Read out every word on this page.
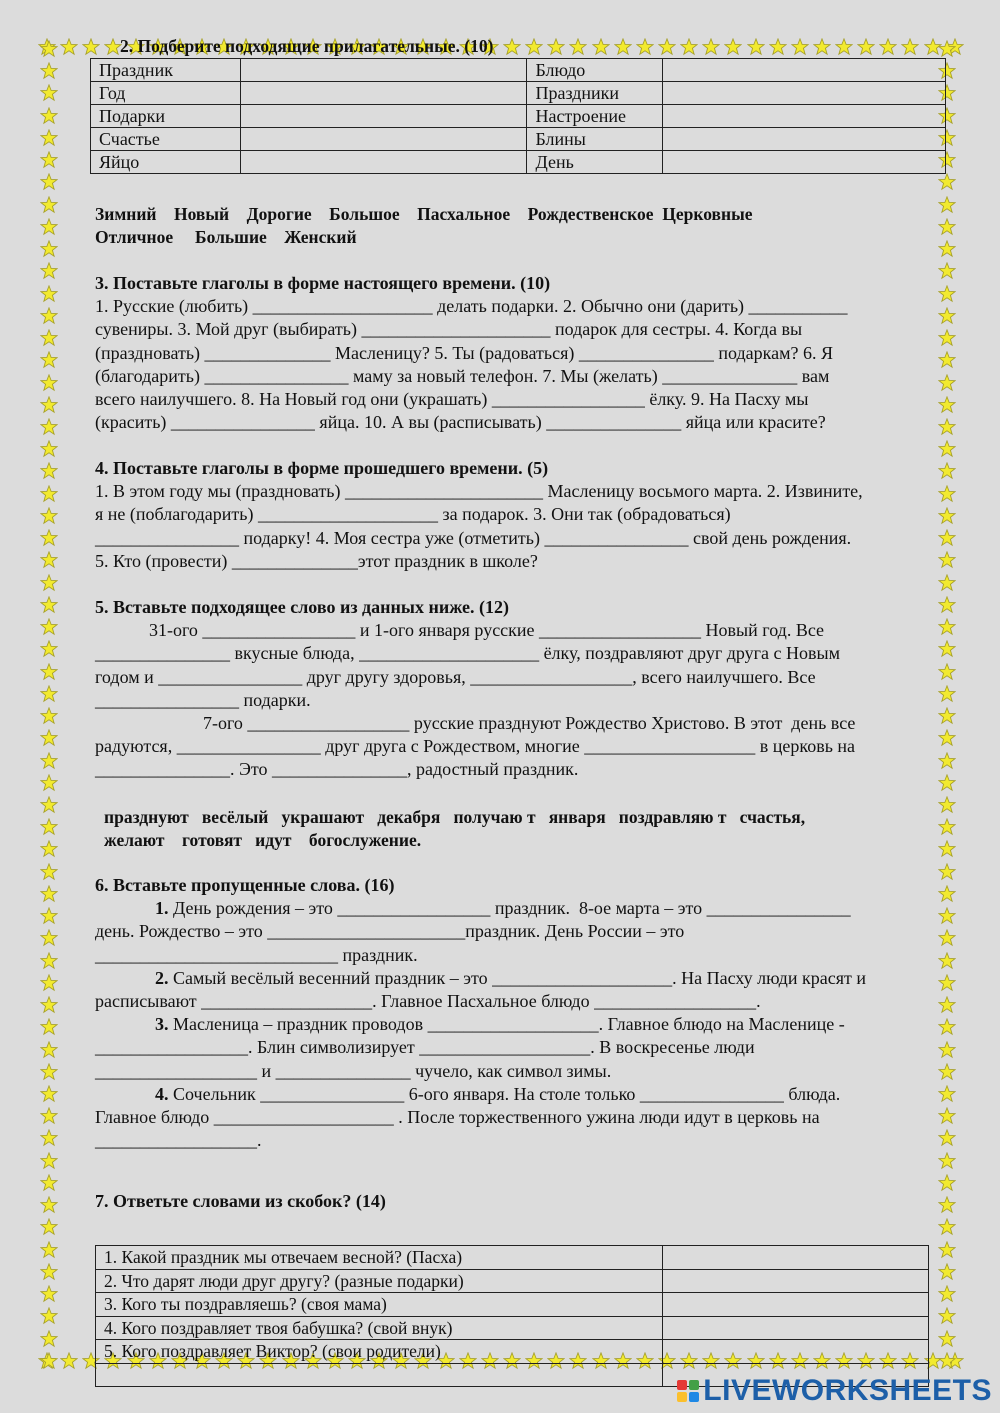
2. Подберите подходящие прилагательные. (10)
Праздник		Блюдо	
Год		Праздники	
Подарки		Настроение	
Счастье		Блины	
Яйцо		День	
Зимний    Новый    Дорогие    Большое    Пасхальное    Рождественское  Церковные
Отличное     Большие    Женский
3. Поставьте глаголы в форме настоящего времени. (10)
1. Русские (любить) ____________________ делать подарки. 2. Обычно они (дарить) ___________
сувениры. 3. Мой друг (выбирать) _____________________ подарок для сестры. 4. Когда вы
(праздновать) ______________ Масленицу? 5. Ты (радоваться) _______________ подаркам? 6. Я
(благодарить) ________________ маму за новый телефон. 7. Мы (желать) _______________ вам
всего наилучшего. 8. На Новый год они (украшать) _________________ ёлку. 9. На Пасху мы
(красить) ________________ яйца. 10. А вы (расписывать) _______________ яйца или красите?
4. Поставьте глаголы в форме прошедшего времени. (5)
1. В этом году мы (праздновать) ______________________ Масленицу восьмого марта. 2. Извините,
я не (поблагодарить) ____________________ за подарок. 3. Они так (обрадоваться)
________________ подарку! 4. Моя сестра уже (отметить) ________________ свой день рождения.
5. Кто (провести) ______________этот праздник в школе?
5. Вставьте подходящее слово из данных ниже. (12)
31-ого _________________ и 1-ого января русские __________________ Новый год. Все
_______________ вкусные блюда, ____________________ ёлку, поздравляют друг друга с Новым
годом и ________________ друг другу здоровья, __________________, всего наилучшего. Все
________________ подарки.
7-ого __________________ русские празднуют Рождество Христово. В этот  день все
радуются, ________________ друг друга с Рождеством, многие ___________________ в церковь на
_______________. Это _______________, радостный праздник.
празднуют   весёлый   украшают   декабря   получаю т   января   поздравляю т   счастья,
желают    готовят   идут    богослужение.
6. Вставьте пропущенные слова. (16)
1. День рождения – это _________________ праздник.  8-ое марта – это ________________
день. Рождество – это ______________________праздник. День России – это
___________________________ праздник.
2. Самый весёлый весенний праздник – это ____________________. На Пасху люди красят и
расписывают ___________________. Главное Пасхальное блюдо __________________.
3. Масленица – праздник проводов ___________________. Главное блюдо на Масленице -
_________________. Блин символизирует ___________________. В воскресенье люди
__________________ и _______________ чучело, как символ зимы.
4. Сочельник ________________ 6-ого января. На столе только ________________ блюда.
Главное блюдо ____________________ . После торжественного ужина люди идут в церковь на
__________________.
7. Ответьте словами из скобок? (14)
1. Какой праздник мы отвечаем весной? (Пасха)	
2. Что дарят люди друг другу? (разные подарки)	
3. Кого ты поздравляешь? (своя мама)	
4. Кого поздравляет твоя бабушка? (свой внук)	
5. Кого поздравляет Виктор? (свои родители)	

LIVEWORKSHEETS
